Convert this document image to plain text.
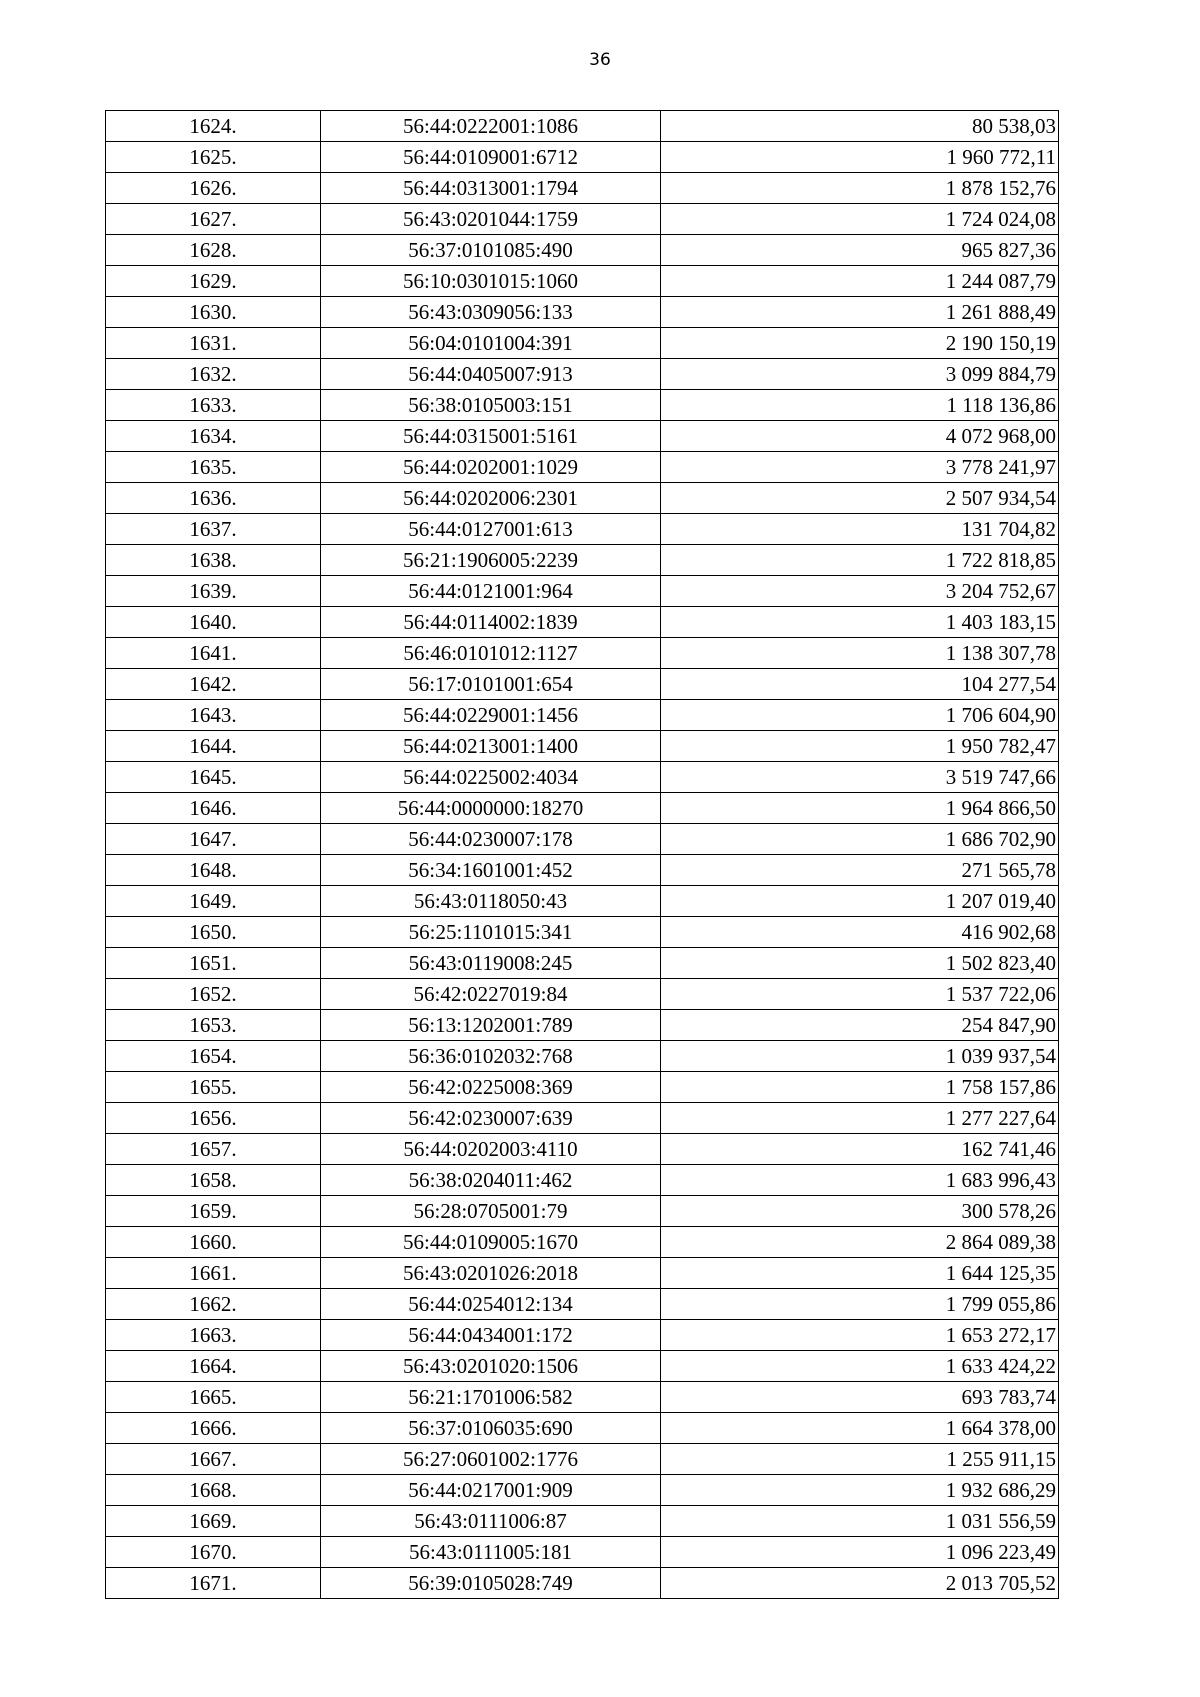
36
1624.	56:44:0222001:1086	80 538,03
1625.	56:44:0109001:6712	1 960 772,11
1626.	56:44:0313001:1794	1 878 152,76
1627.	56:43:0201044:1759	1 724 024,08
1628.	56:37:0101085:490	965 827,36
1629.	56:10:0301015:1060	1 244 087,79
1630.	56:43:0309056:133	1 261 888,49
1631.	56:04:0101004:391	2 190 150,19
1632.	56:44:0405007:913	3 099 884,79
1633.	56:38:0105003:151	1 118 136,86
1634.	56:44:0315001:5161	4 072 968,00
1635.	56:44:0202001:1029	3 778 241,97
1636.	56:44:0202006:2301	2 507 934,54
1637.	56:44:0127001:613	131 704,82
1638.	56:21:1906005:2239	1 722 818,85
1639.	56:44:0121001:964	3 204 752,67
1640.	56:44:0114002:1839	1 403 183,15
1641.	56:46:0101012:1127	1 138 307,78
1642.	56:17:0101001:654	104 277,54
1643.	56:44:0229001:1456	1 706 604,90
1644.	56:44:0213001:1400	1 950 782,47
1645.	56:44:0225002:4034	3 519 747,66
1646.	56:44:0000000:18270	1 964 866,50
1647.	56:44:0230007:178	1 686 702,90
1648.	56:34:1601001:452	271 565,78
1649.	56:43:0118050:43	1 207 019,40
1650.	56:25:1101015:341	416 902,68
1651.	56:43:0119008:245	1 502 823,40
1652.	56:42:0227019:84	1 537 722,06
1653.	56:13:1202001:789	254 847,90
1654.	56:36:0102032:768	1 039 937,54
1655.	56:42:0225008:369	1 758 157,86
1656.	56:42:0230007:639	1 277 227,64
1657.	56:44:0202003:4110	162 741,46
1658.	56:38:0204011:462	1 683 996,43
1659.	56:28:0705001:79	300 578,26
1660.	56:44:0109005:1670	2 864 089,38
1661.	56:43:0201026:2018	1 644 125,35
1662.	56:44:0254012:134	1 799 055,86
1663.	56:44:0434001:172	1 653 272,17
1664.	56:43:0201020:1506	1 633 424,22
1665.	56:21:1701006:582	693 783,74
1666.	56:37:0106035:690	1 664 378,00
1667.	56:27:0601002:1776	1 255 911,15
1668.	56:44:0217001:909	1 932 686,29
1669.	56:43:0111006:87	1 031 556,59
1670.	56:43:0111005:181	1 096 223,49
1671.	56:39:0105028:749	2 013 705,52
